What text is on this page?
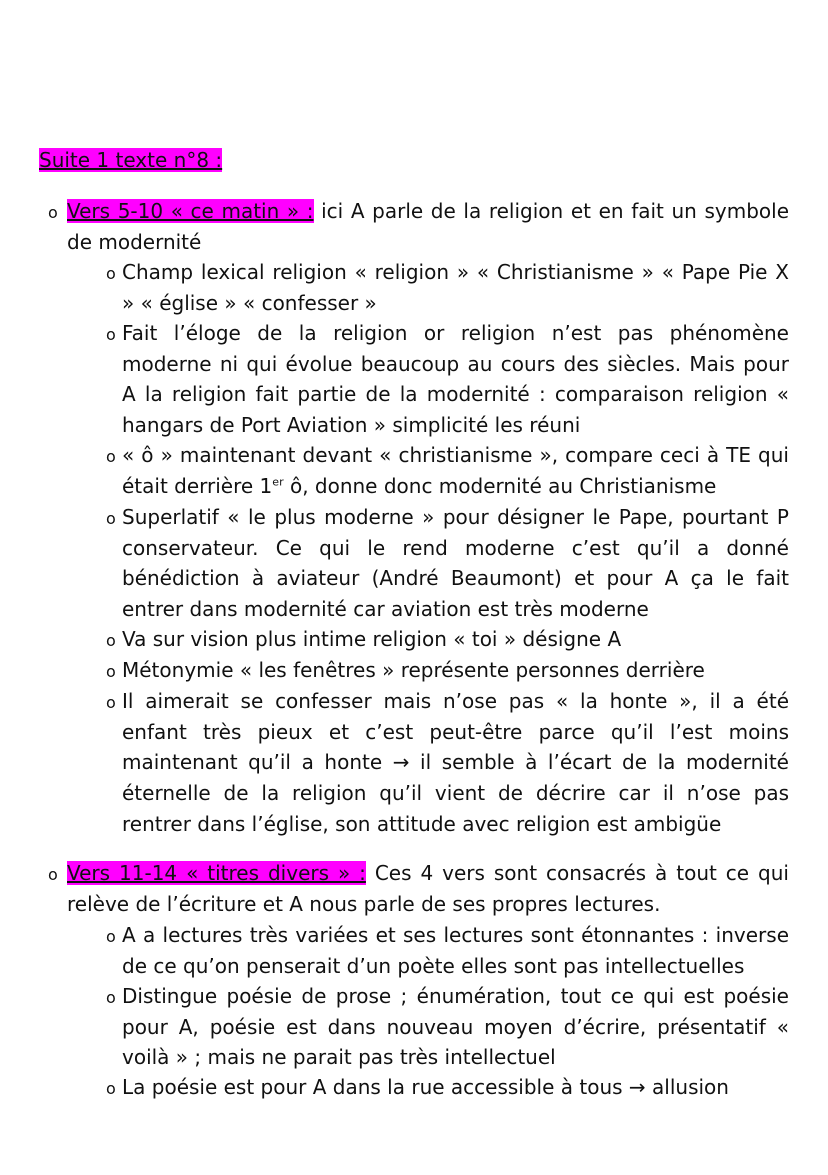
Suite 1 texte n°8 :
o Vers 5-10 « ce matin » : ici A parle de la religion et en fait un symbole de modernité

o Champ lexical religion « religion » « Christianisme » « Pape Pie X » « église » « confesser »

o Fait l’éloge de la religion or religion n’est pas phénomène moderne ni qui évolue beaucoup au cours des siècles. Mais pour A la religion fait partie de la modernité : comparaison religion « hangars de Port Aviation » simplicité les réuni

o « ô » maintenant devant « christianisme », compare ceci à TE qui était derrière 1er ô, donne donc modernité au Christianisme

o Superlatif « le plus moderne » pour désigner le Pape, pourtant P conservateur. Ce qui le rend moderne c’est qu’il a donné bénédiction à aviateur (André Beaumont) et pour A ça le fait entrer dans modernité car aviation est très moderne

o Va sur vision plus intime religion « toi » désigne A

o Métonymie « les fenêtres » représente personnes derrière

o Il aimerait se confesser mais n’ose pas « la honte », il a été enfant très pieux et c’est peut-être parce qu’il l’est moins maintenant qu’il a honte → il semble à l’écart de la modernité éternelle de la religion qu’il vient de décrire car il n’ose pas rentrer dans l’église, son attitude avec religion est ambigüe

o Vers 11-14 « titres divers » : Ces 4 vers sont consacrés à tout ce qui relève de l’écriture et A nous parle de ses propres lectures.

o A a lectures très variées et ses lectures sont étonnantes : inverse de ce qu’on penserait d’un poète elles sont pas intellectuelles

o Distingue poésie de prose ; énumération, tout ce qui est poésie pour A, poésie est dans nouveau moyen d’écrire, présentatif « voilà » ; mais ne parait pas très intellectuel

o La poésie est pour A dans la rue accessible à tous → allusion
